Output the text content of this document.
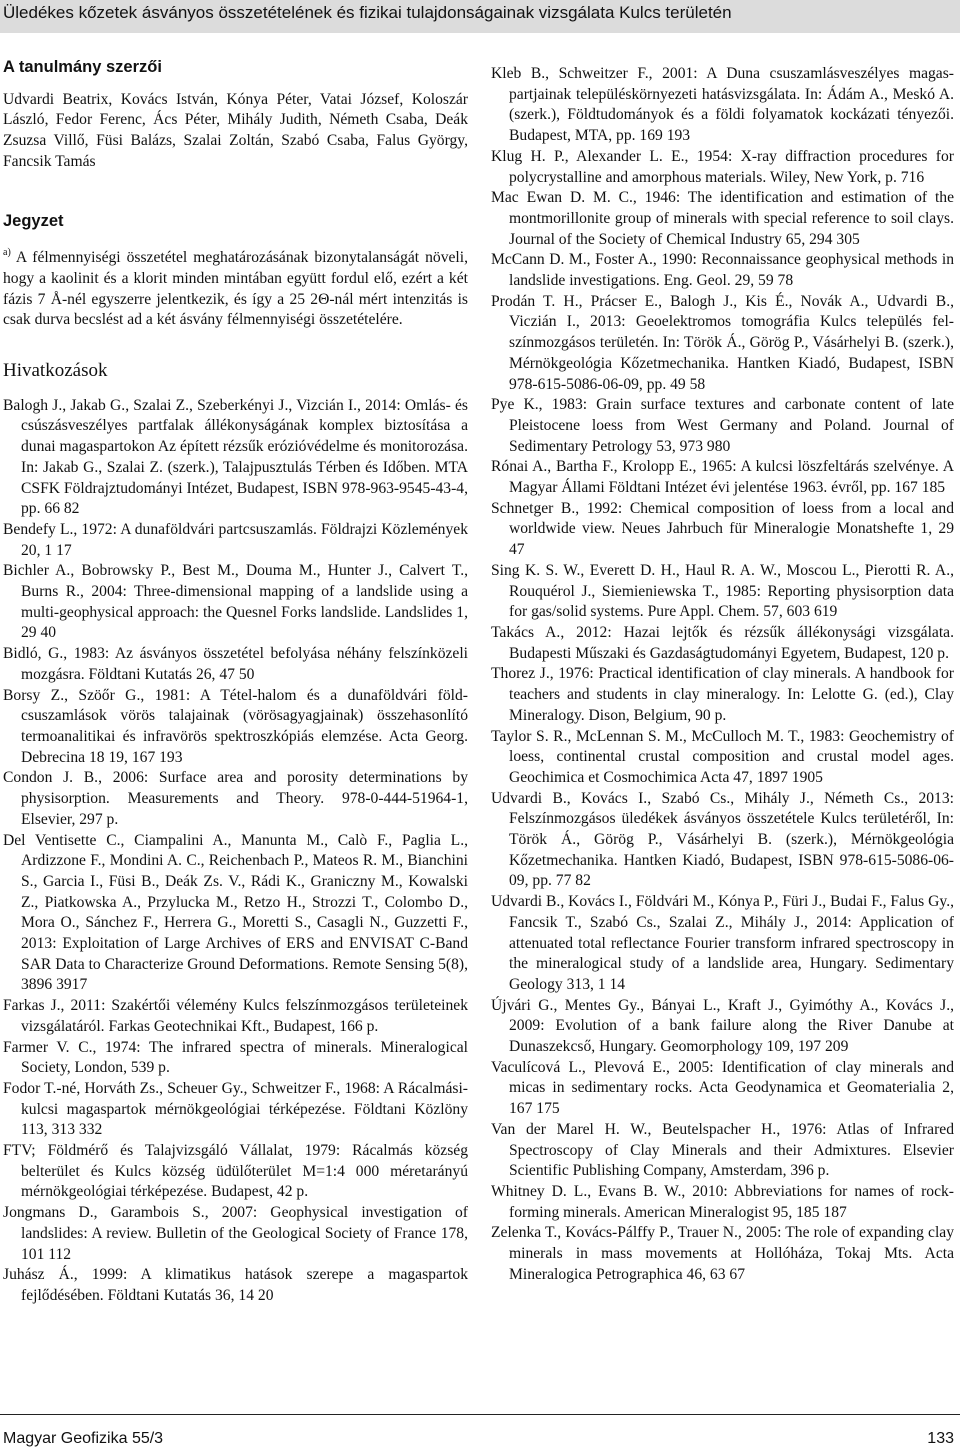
Üledékes kőzetek ásványos összetételének és fizikai tulajdonságainak vizsgálata Kulcs területén
A tanulmány szerzői

Udvardi Beatrix, Kovács István, Kónya Péter, Vatai József, Koloszár László, Fedor Ferenc, Ács Péter, Mihály Judith, Németh Csaba, Deák Zsuzsa Villő, Füsi Balázs, Szalai Zoltán, Szabó Csaba, Falus György, Fancsik Tamás

Jegyzet

$^{a)}$ A félmennyiségi összetétel meghatározásának bizonytalanságát növeli, hogy a kaolinit és a klorit minden mintában együtt fordul elő, ezért a két fázis 7 Å-nél egyszerre jelentkezik, és így a 25 2Θ-nál mért intenzitás is csak durva becslést ad a két ásvány félmennyiségi összetételére.

Hivatkozások

Balogh J., Jakab G., Szalai Z., Szeberkényi J., Vizcián I., 2014: Omlás- és csúszásveszélyes partfalak állékonyságának komplex biztosítása a dunai magaspartokon Az épített rézsűk erózióvédelme és monitorozása. In: Jakab G., Szalai Z. (szerk.), Talajpusztulás Térben és Időben. MTA CSFK Földrajztudományi Intézet, Budapest, ISBN 978-963-9545-43-4, pp. 66 82

Bendefy L., 1972: A dunaföldvári partcsuszamlás. Földrajzi Közlemények 20, 1 17

Bichler A., Bobrowsky P., Best M., Douma M., Hunter J., Calvert T., Burns R., 2004: Three-dimensional mapping of a landslide using a multi-geophysical approach: the Quesnel Forks landslide. Landslides 1, 29 40

Bidló, G., 1983: Az ásványos összetétel befolyása néhány felszínközeli mozgásra. Földtani Kutatás 26, 47 50

Borsy Z., Szöőr G., 1981: A Tétel-halom és a dunaföldvári földcsuszamlások vörös talajainak (vörösagyagjainak) összehasonlító termoanalitikai és infravörös spektroszkópiás elemzése. Acta Georg. Debrecina 18 19, 167 193

Condon J. B., 2006: Surface area and porosity determinations by physisorption. Measurements and Theory. 978-0-444-51964-1, Elsevier, 297 p.

Del Ventisette C., Ciampalini A., Manunta M., Calò F., Paglia L., Ardizzone F., Mondini A. C., Reichenbach P., Mateos R. M., Bianchini S., Garcia I., Füsi B., Deák Zs. V., Rádi K., Graniczny M., Kowalski Z., Piatkowska A., Przylucka M., Retzo H., Strozzi T., Colombo D., Mora O., Sánchez F., Herrera G., Moretti S., Casagli N., Guzzetti F., 2013: Exploitation of Large Archives of ERS and ENVISAT C-Band SAR Data to Characterize Ground Deformations. Remote Sensing 5(8), 3896 3917

Farkas J., 2011: Szakértői vélemény Kulcs felszínmozgásos területeinek vizsgálatáról. Farkas Geotechnikai Kft., Budapest, 166 p.

Farmer V. C., 1974: The infrared spectra of minerals. Mineralogical Society, London, 539 p.

Fodor T.-né, Horváth Zs., Scheuer Gy., Schweitzer F., 1968: A Rácalmási-kulcsi magaspartok mérnökgeológiai térképezése. Földtani Közlöny 113, 313 332

FTV; Földmérő és Talajvizsgáló Vállalat, 1979: Rácalmás község belterület és Kulcs község üdülőterület M=1:4 000 méretarányú mérnökgeológiai térképezése. Budapest, 42 p.

Jongmans D., Garambois S., 2007: Geophysical investigation of landslides: A review. Bulletin of the Geological Society of France 178, 101 112

Juhász Á., 1999: A klimatikus hatások szerepe a magaspartok fejlődésében. Földtani Kutatás 36, 14 20

Kleb B., Schweitzer F., 2001: A Duna csuszamlásveszélyes magaspartjainak településkörnyezeti hatásvizsgálata. In: Ádám A., Meskó A. (szerk.), Földtudományok és a földi folyamatok kockázati tényezői. Budapest, MTA, pp. 169 193

Klug H. P., Alexander L. E., 1954: X-ray diffraction procedures for polycrystalline and amorphous materials. Wiley, New York, p. 716

Mac Ewan D. M. C., 1946: The identification and estimation of the montmorillonite group of minerals with special reference to soil clays. Journal of the Society of Chemical Industry 65, 294 305

McCann D. M., Foster A., 1990: Reconnaissance geophysical methods in landslide investigations. Eng. Geol. 29, 59 78

Prodán T. H., Prácser E., Balogh J., Kis É., Novák A., Udvardi B., Viczián I., 2013: Geoelektromos tomográfia Kulcs település felszínmozgásos területén. In: Török Á., Görög P., Vásárhelyi B. (szerk.), Mérnökgeológia Kőzetmechanika. Hantken Kiadó, Budapest, ISBN 978-615-5086-06-09, pp. 49 58

Pye K., 1983: Grain surface textures and carbonate content of late Pleistocene loess from West Germany and Poland. Journal of Sedimentary Petrology 53, 973 980

Rónai A., Bartha F., Krolopp E., 1965: A kulcsi löszfeltárás szelvénye. A Magyar Állami Földtani Intézet évi jelentése 1963. évről, pp. 167 185

Schnetger B., 1992: Chemical composition of loess from a local and worldwide view. Neues Jahrbuch für Mineralogie Monatshefte 1, 29 47

Sing K. S. W., Everett D. H., Haul R. A. W., Moscou L., Pierotti R. A., Rouquérol J., Siemieniewska T., 1985: Reporting physisorption data for gas/solid systems. Pure Appl. Chem. 57, 603 619

Takács A., 2012: Hazai lejtők és rézsűk állékonysági vizsgálata. Budapesti Műszaki és Gazdaságtudományi Egyetem, Budapest, 120 p.

Thorez J., 1976: Practical identification of clay minerals. A handbook for teachers and students in clay mineralogy. In: Lelotte G. (ed.), Clay Mineralogy. Dison, Belgium, 90 p.

Taylor S. R., McLennan S. M., McCulloch M. T., 1983: Geochemistry of loess, continental crustal composition and crustal model ages. Geochimica et Cosmochimica Acta 47, 1897 1905

Udvardi B., Kovács I., Szabó Cs., Mihály J., Németh Cs., 2013: Felszínmozgásos üledékek ásványos összetétele Kulcs területéről, In: Török Á., Görög P., Vásárhelyi B. (szerk.), Mérnökgeológia Kőzetmechanika. Hantken Kiadó, Budapest, ISBN 978-615-5086-06-09, pp. 77 82

Udvardi B., Kovács I., Földvári M., Kónya P., Füri J., Budai F., Falus Gy., Fancsik T., Szabó Cs., Szalai Z., Mihály J., 2014: Application of attenuated total reflectance Fourier transform infrared spectroscopy in the mineralogical study of a landslide area, Hungary. Sedimentary Geology 313, 1 14

Újvári G., Mentes Gy., Bányai L., Kraft J., Gyimóthy A., Kovács J., 2009: Evolution of a bank failure along the River Danube at Dunaszekcső, Hungary. Geomorphology 109, 197 209

Vaculícová L., Plevová E., 2005: Identification of clay minerals and micas in sedimentary rocks. Acta Geodynamica et Geomaterialia 2, 167 175

Van der Marel H. W., Beutelspacher H., 1976: Atlas of Infrared Spectroscopy of Clay Minerals and their Admixtures. Elsevier Scientific Publishing Company, Amsterdam, 396 p.

Whitney D. L., Evans B. W., 2010: Abbreviations for names of rock-forming minerals. American Mineralogist 95, 185 187

Zelenka T., Kovács-Pálffy P., Trauer N., 2005: The role of expanding clay minerals in mass movements at Hollóháza, Tokaj Mts. Acta Mineralogica Petrographica 46, 63 67

Magyar Geofizika 55/3	133
